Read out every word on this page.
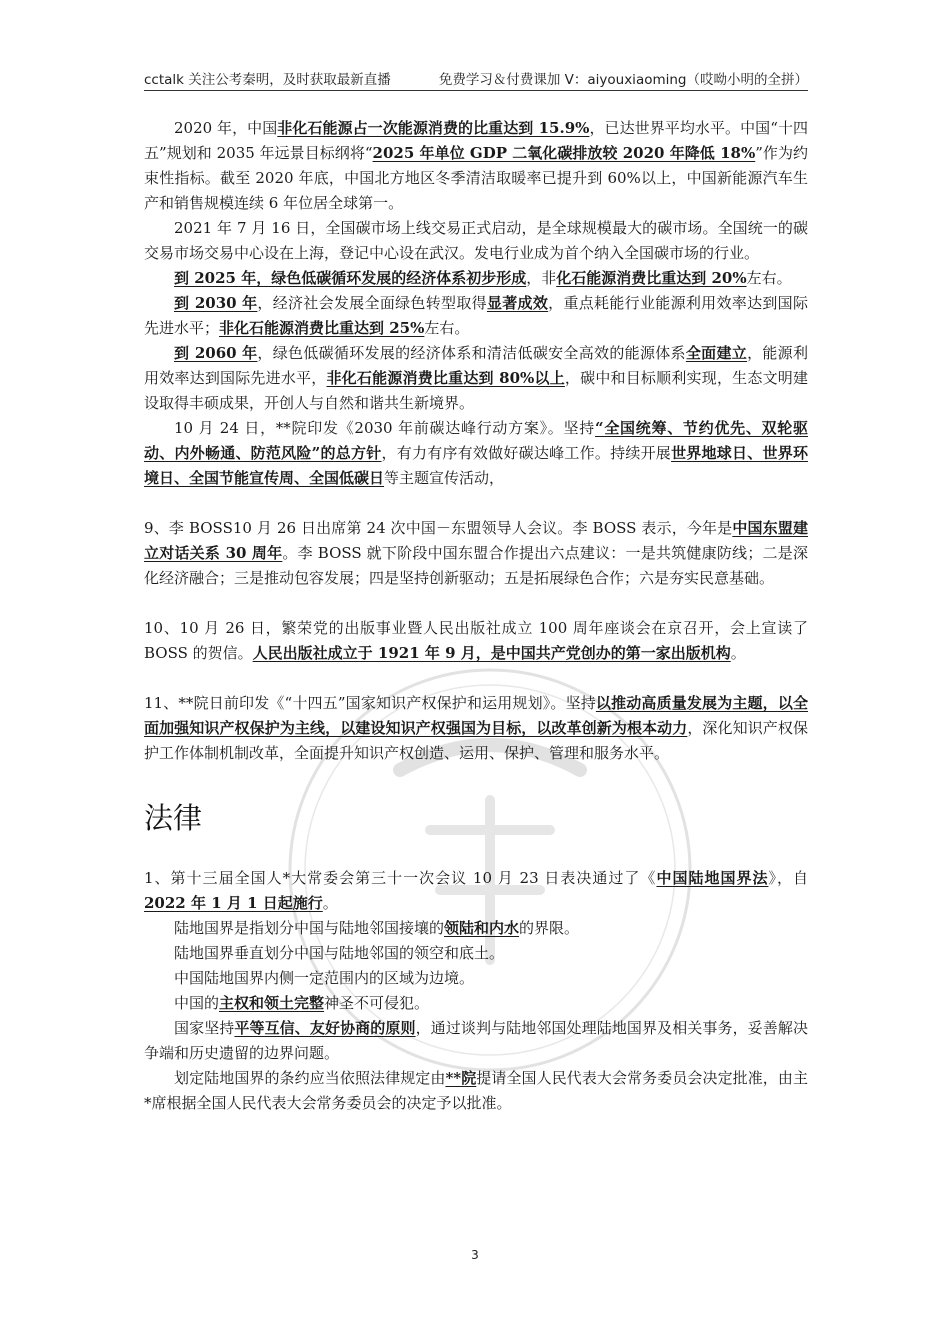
cctalk 关注公考秦明，及时获取最新直播	免费学习＆付费课加 V：aiyouxiaoming（哎呦小明的全拼）

2020 年，中国非化石能源占一次能源消费的比重达到 15.9%，已达世界平均水平。中国“十四五”规划和 2035 年远景目标纲将“2025 年单位 GDP 二氧化碳排放较 2020 年降低 18%”作为约束性指标。截至 2020 年底，中国北方地区冬季清洁取暖率已提升到 60%以上，中国新能源汽车生产和销售规模连续 6 年位居全球第一。

2021 年 7 月 16 日，全国碳市场上线交易正式启动，是全球规模最大的碳市场。全国统一的碳交易市场交易中心设在上海，登记中心设在武汉。发电行业成为首个纳入全国碳市场的行业。

到 2025 年，绿色低碳循环发展的经济体系初步形成，非化石能源消费比重达到 20%左右。

到 2030 年，经济社会发展全面绿色转型取得显著成效，重点耗能行业能源利用效率达到国际先进水平；非化石能源消费比重达到 25%左右。

到 2060 年，绿色低碳循环发展的经济体系和清洁低碳安全高效的能源体系全面建立，能源利用效率达到国际先进水平，非化石能源消费比重达到 80%以上，碳中和目标顺利实现，生态文明建设取得丰硕成果，开创人与自然和谐共生新境界。

10 月 24 日，**院印发《2030 年前碳达峰行动方案》。坚持“全国统筹、节约优先、双轮驱动、内外畅通、防范风险”的总方针，有力有序有效做好碳达峰工作。持续开展世界地球日、世界环境日、全国节能宣传周、全国低碳日等主题宣传活动，

9、李 BOSS10 月 26 日出席第 24 次中国－东盟领导人会议。李 BOSS 表示，今年是中国东盟建立对话关系 30 周年。李 BOSS 就下阶段中国东盟合作提出六点建议：一是共筑健康防线；二是深化经济融合；三是推动包容发展；四是坚持创新驱动；五是拓展绿色合作；六是夯实民意基础。

10、10 月 26 日，繁荣党的出版事业暨人民出版社成立 100 周年座谈会在京召开，会上宣读了 BOSS 的贺信。人民出版社成立于 1921 年 9 月，是中国共产党创办的第一家出版机构。

11、**院日前印发《“十四五”国家知识产权保护和运用规划》。坚持以推动高质量发展为主题，以全面加强知识产权保护为主线，以建设知识产权强国为目标，以改革创新为根本动力，深化知识产权保护工作体制机制改革，全面提升知识产权创造、运用、保护、管理和服务水平。

法律

1、第十三届全国人*大常委会第三十一次会议 10 月 23 日表决通过了《中国陆地国界法》，自 2022 年 1 月 1 日起施行。

陆地国界是指划分中国与陆地邻国接壤的领陆和内水的界限。

陆地国界垂直划分中国与陆地邻国的领空和底土。

中国陆地国界内侧一定范围内的区域为边境。

中国的主权和领土完整神圣不可侵犯。

国家坚持平等互信、友好协商的原则，通过谈判与陆地邻国处理陆地国界及相关事务，妥善解决争端和历史遗留的边界问题。

划定陆地国界的条约应当依照法律规定由**院提请全国人民代表大会常务委员会决定批准，由主*席根据全国人民代表大会常务委员会的决定予以批准。

3
